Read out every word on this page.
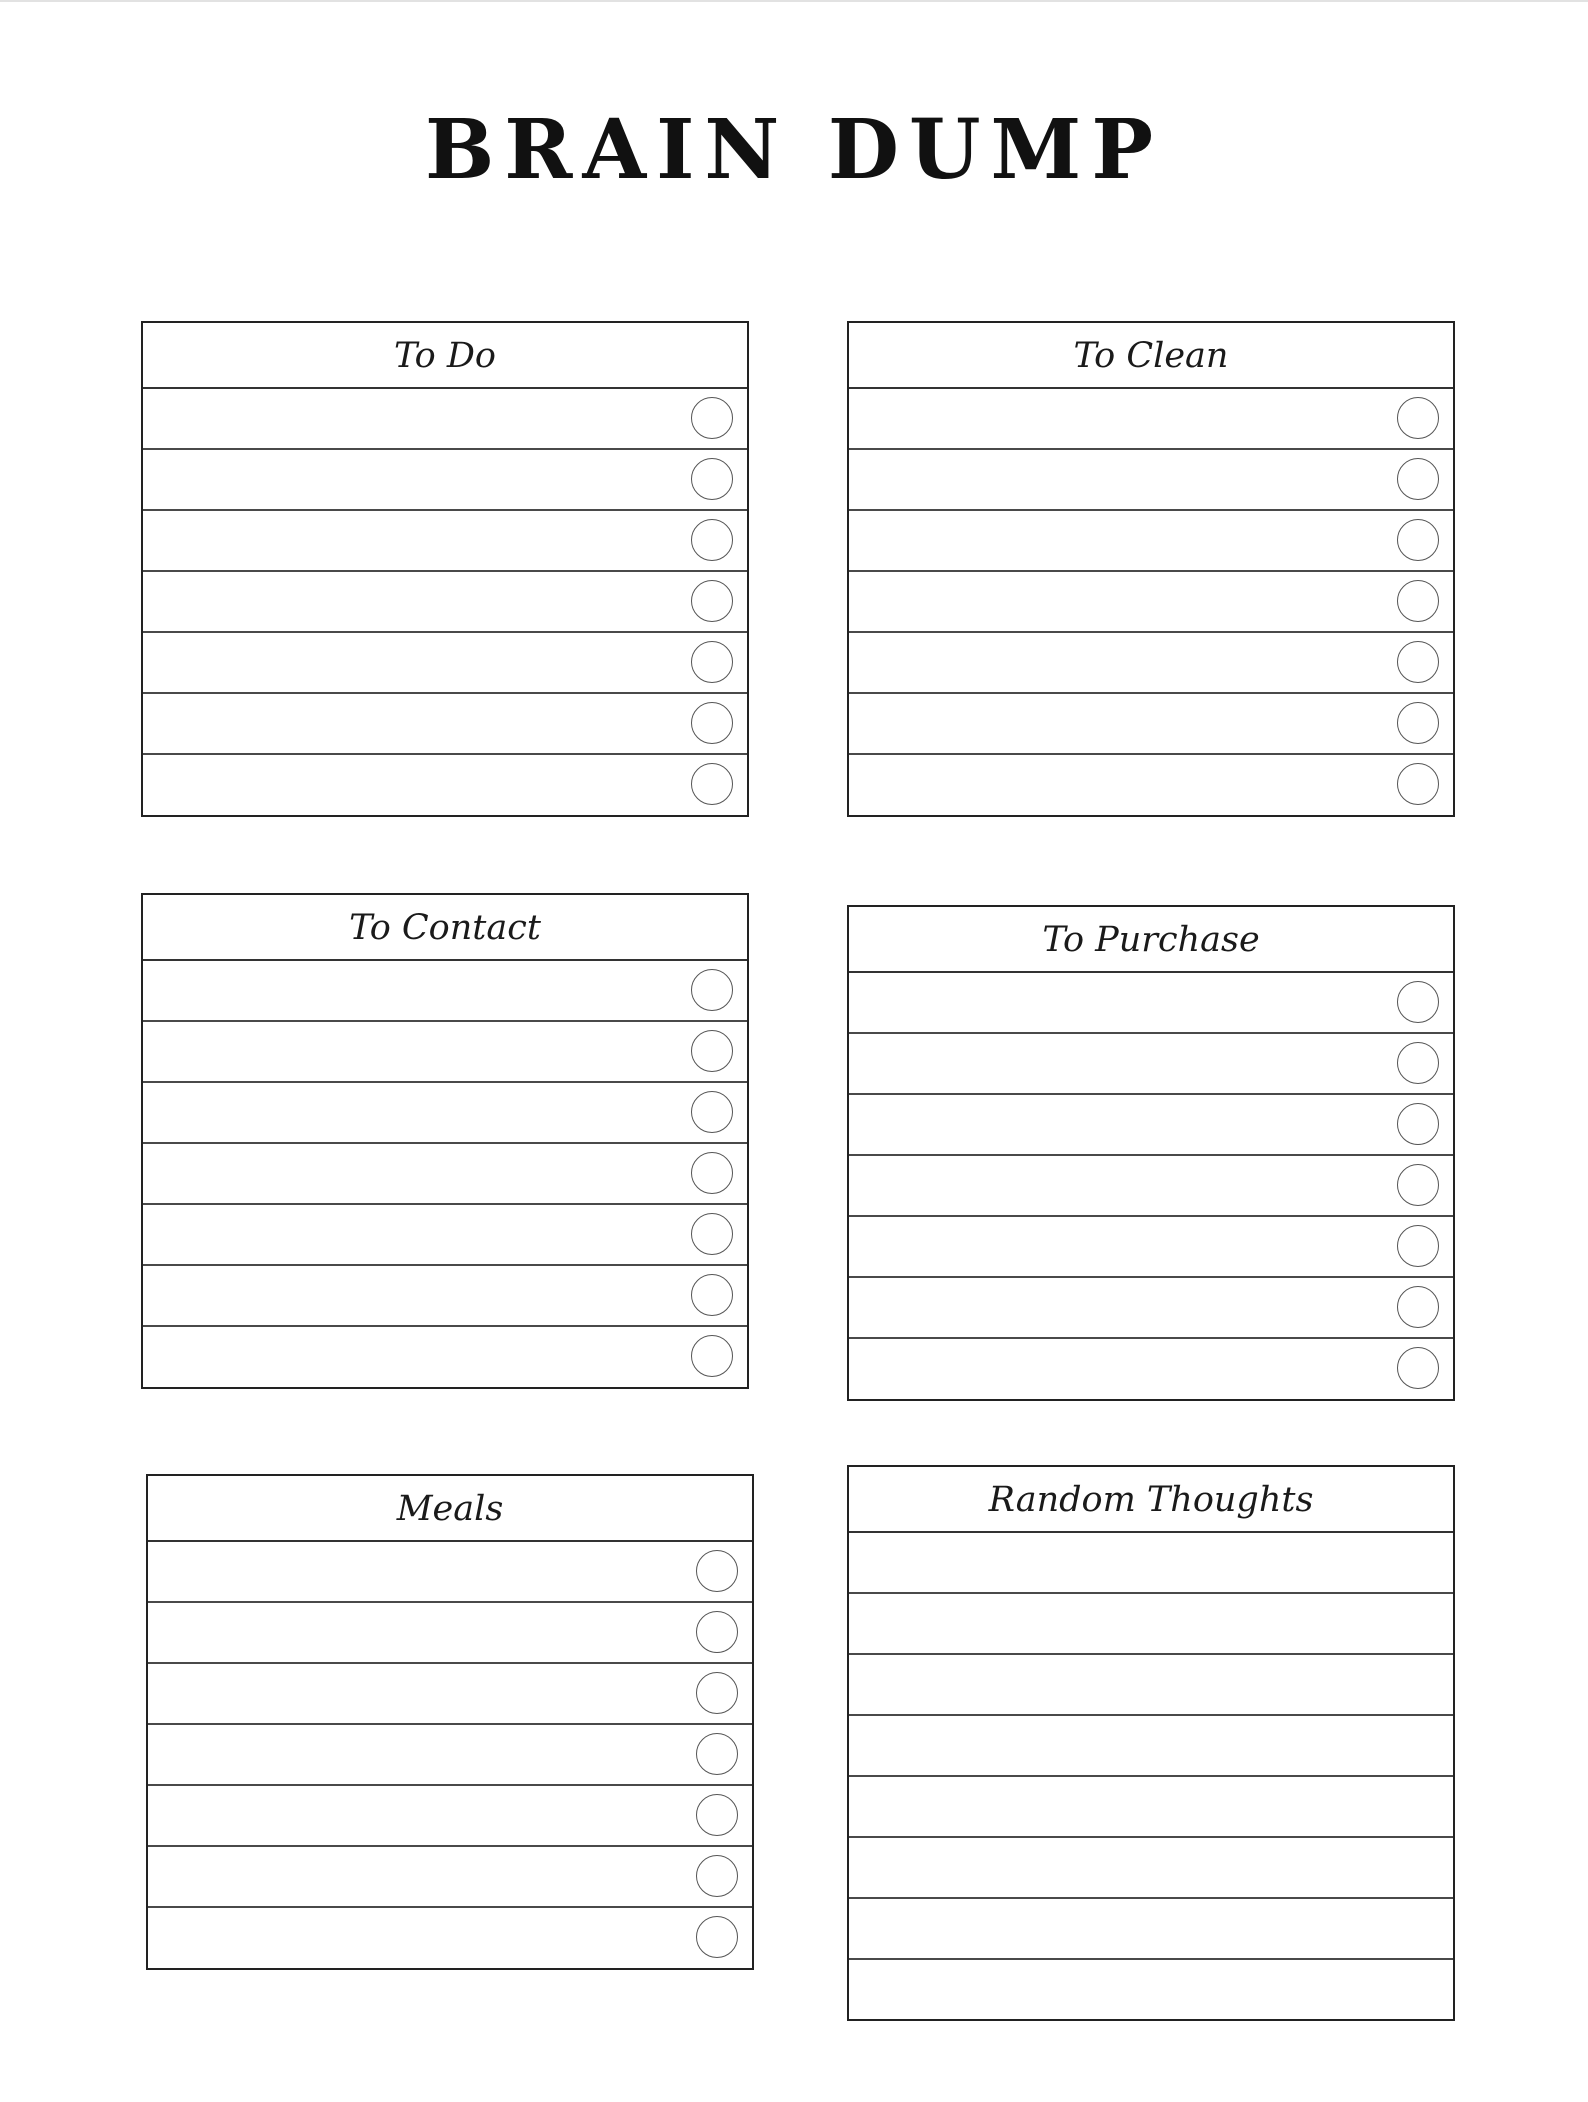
BRAIN DUMP
To Do	To Clean
To Contact	To Purchase
Meals	Random Thoughts
